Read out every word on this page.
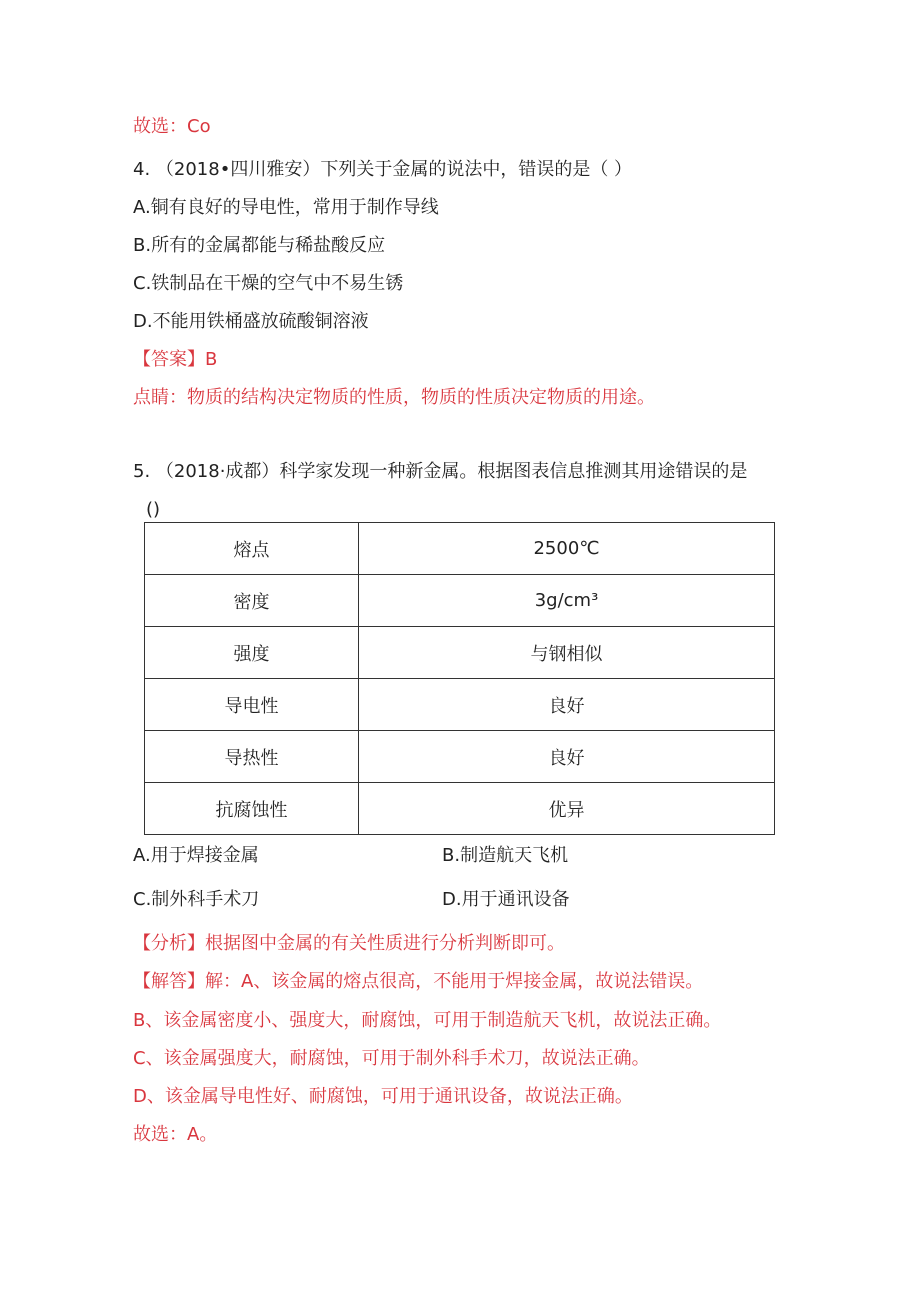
故选：Co
4. （2018•四川雅安）下列关于金属的说法中，错误的是（ ）
A.铜有良好的导电性，常用于制作导线
B.所有的金属都能与稀盐酸反应
C.铁制品在干燥的空气中不易生锈
D.不能用铁桶盛放硫酸铜溶液
【答案】B
点睛：物质的结构决定物质的性质，物质的性质决定物质的用途。
5. （2018·成都）科学家发现一种新金属。根据图表信息推测其用途错误的是
()
熔点	2500℃
密度	3g/cm³
强度	与钢相似
导电性	良好
导热性	良好
抗腐蚀性	优异
A.用于焊接金属	B.制造航天飞机
C.制外科手术刀	D.用于通讯设备
【分析】根据图中金属的有关性质进行分析判断即可。
【解答】解：A、该金属的熔点很高，不能用于焊接金属，故说法错误。
B、该金属密度小、强度大，耐腐蚀，可用于制造航天飞机，故说法正确。
C、该金属强度大，耐腐蚀，可用于制外科手术刀，故说法正确。
D、该金属导电性好、耐腐蚀，可用于通讯设备，故说法正确。
故选：A。
